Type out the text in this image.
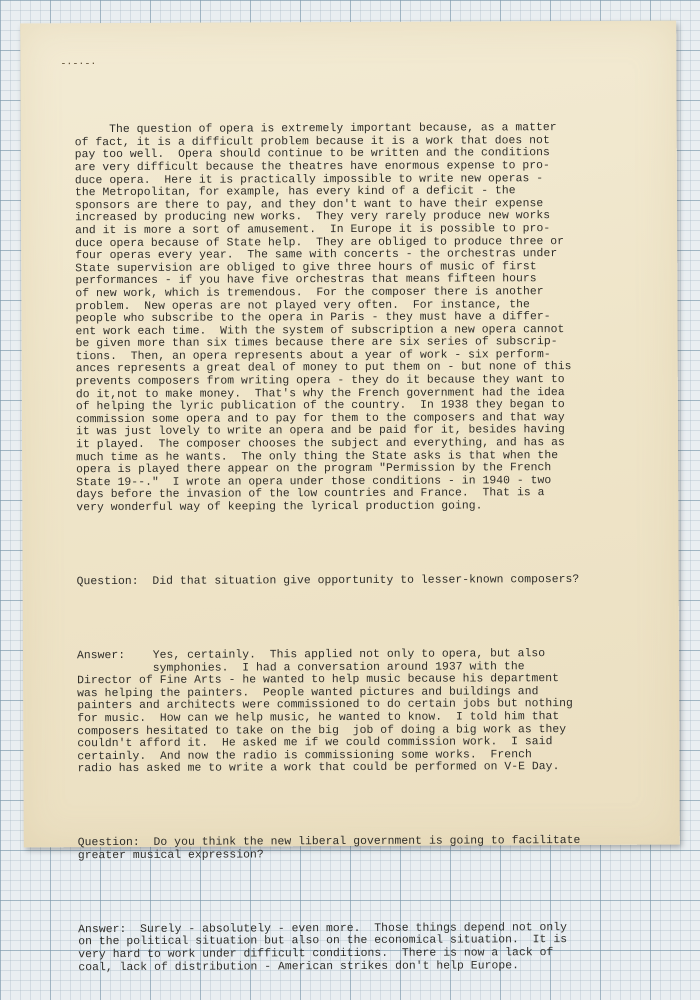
-·-·-·

The question of opera is extremely important because, as a matter
of fact, it is a difficult problem because it is a work that does not
pay too well.  Opera should continue to be written and the conditions
are very difficult because the theatres have enormous expense to pro-
duce opera.  Here it is practically impossible to write new operas -
the Metropolitan, for example, has every kind of a deficit - the
sponsors are there to pay, and they don't want to have their expense
increased by producing new works.  They very rarely produce new works
and it is more a sort of amusement.  In Europe it is possible to pro-
duce opera because of State help.  They are obliged to produce three or
four operas every year.  The same with concerts - the orchestras under
State supervision are obliged to give three hours of music of first
performances - if you have five orchestras that means fifteen hours
of new work, which is tremendous.  For the composer there is another
problem.  New operas are not played very often.  For instance, the
people who subscribe to the opera in Paris - they must have a differ-
ent work each time.  With the system of subscription a new opera cannot
be given more than six times because there are six series of subscrip-
tions.  Then, an opera represents about a year of work - six perform-
ances represents a great deal of money to put them on - but none of this
prevents composers from writing opera - they do it because they want to
do it,not to make money.  That's why the French government had the idea
of helping the lyric publication of the country.  In 1938 they began to
commission some opera and to pay for them to the composers and that way
it was just lovely to write an opera and be paid for it, besides having
it played.  The composer chooses the subject and everything, and has as
much time as he wants.  The only thing the State asks is that when the
opera is played there appear on the program "Permission by the French
State 19--."  I wrote an opera under those conditions - in 1940 - two
days before the invasion of the low countries and France.  That is a
very wonderful way of keeping the lyrical production going.

Question:  Did that situation give opportunity to lesser-known composers?

Answer:    Yes, certainly.  This applied not only to opera, but also
symphonies.  I had a conversation around 1937 with the
Director of Fine Arts - he wanted to help music because his department
was helping the painters.  People wanted pictures and buildings and
painters and architects were commissioned to do certain jobs but nothing
for music.  How can we help music, he wanted to know.  I told him that
composers hesitated to take on the big  job of doing a big work as they
couldn't afford it.  He asked me if we could commission work.  I said
certainly.  And now the radio is commissioning some works.  French
radio has asked me to write a work that could be performed on V-E Day.

Question:  Do you think the new liberal government is going to facilitate
greater musical expression?

Answer:  Surely - absolutely - even more.  Those things depend not only
on the political situation but also on the economical situation.  It is
very hard to work under difficult conditions.  There is now a lack of
coal, lack of distribution - American strikes don't help Europe.
